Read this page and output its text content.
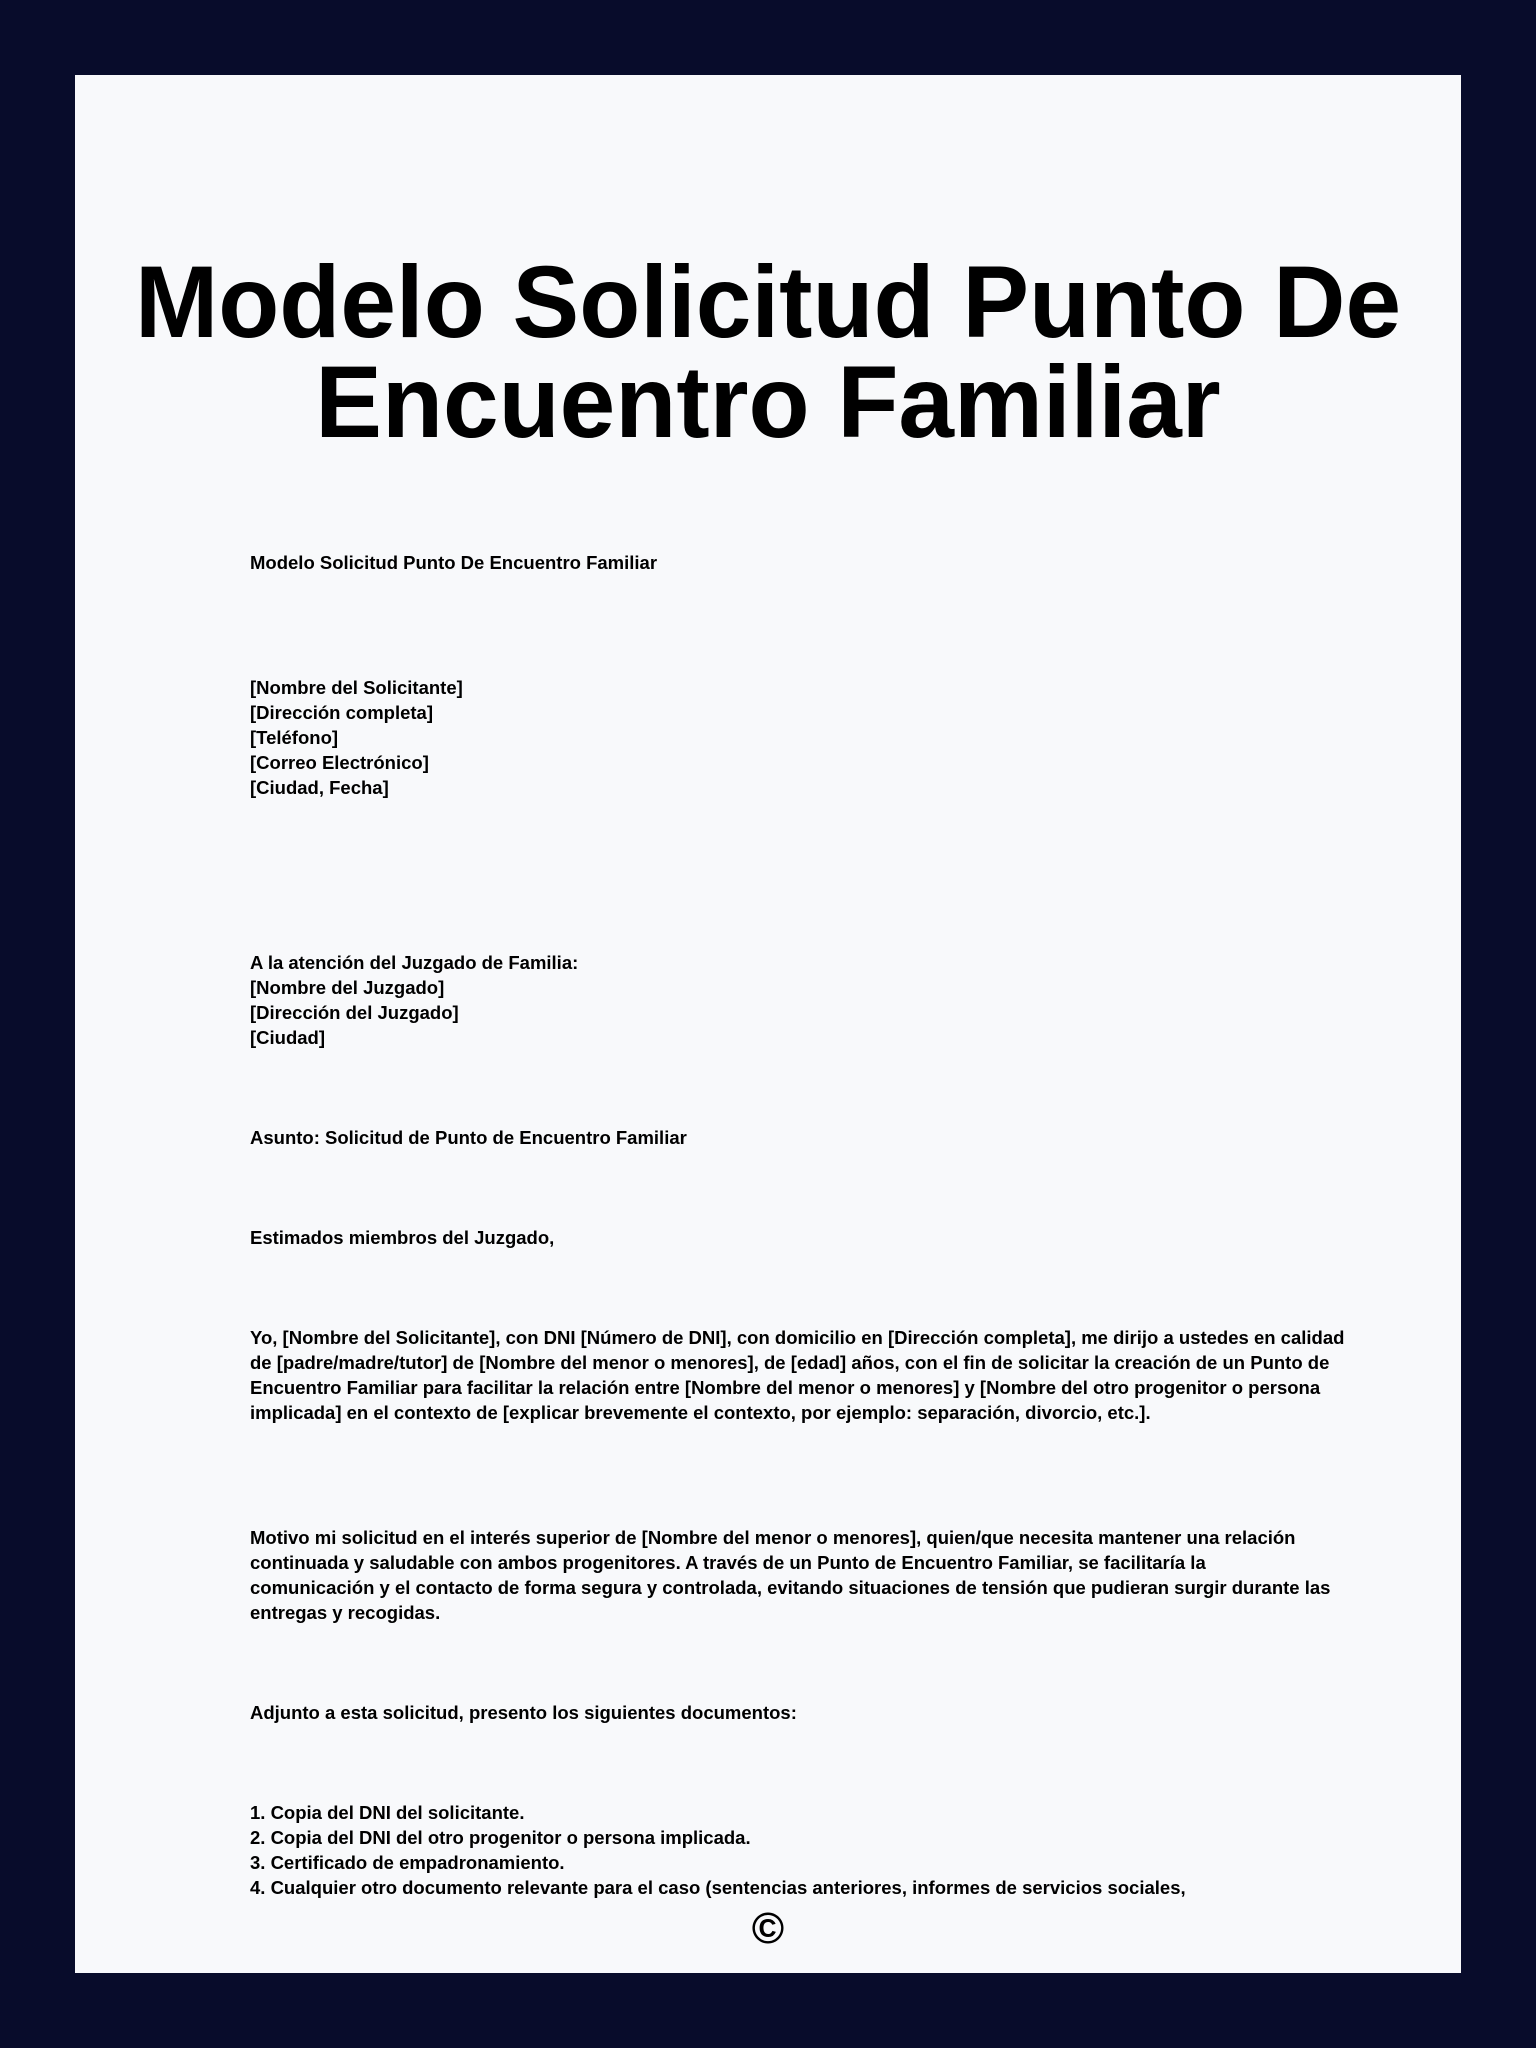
Modelo Solicitud Punto De Encuentro Familiar

Modelo Solicitud Punto De Encuentro Familiar

[Nombre del Solicitante]
[Dirección completa]
[Teléfono]
[Correo Electrónico]
[Ciudad, Fecha]

A la atención del Juzgado de Familia:
[Nombre del Juzgado]
[Dirección del Juzgado]
[Ciudad]

Asunto: Solicitud de Punto de Encuentro Familiar

Estimados miembros del Juzgado,

Yo, [Nombre del Solicitante], con DNI [Número de DNI], con domicilio en [Dirección completa], me dirijo a ustedes en calidad de [padre/madre/tutor] de [Nombre del menor o menores], de [edad] años, con el fin de solicitar la creación de un Punto de Encuentro Familiar para facilitar la relación entre [Nombre del menor o menores] y [Nombre del otro progenitor o persona implicada] en el contexto de [explicar brevemente el contexto, por ejemplo: separación, divorcio, etc.].

Motivo mi solicitud en el interés superior de [Nombre del menor o menores], quien/que necesita mantener una relación continuada y saludable con ambos progenitores. A través de un Punto de Encuentro Familiar, se facilitaría la comunicación y el contacto de forma segura y controlada, evitando situaciones de tensión que pudieran surgir durante las entregas y recogidas.

Adjunto a esta solicitud, presento los siguientes documentos:

1. Copia del DNI del solicitante.
2. Copia del DNI del otro progenitor o persona implicada.
3. Certificado de empadronamiento.
4. Cualquier otro documento relevante para el caso (sentencias anteriores, informes de servicios sociales,
©
